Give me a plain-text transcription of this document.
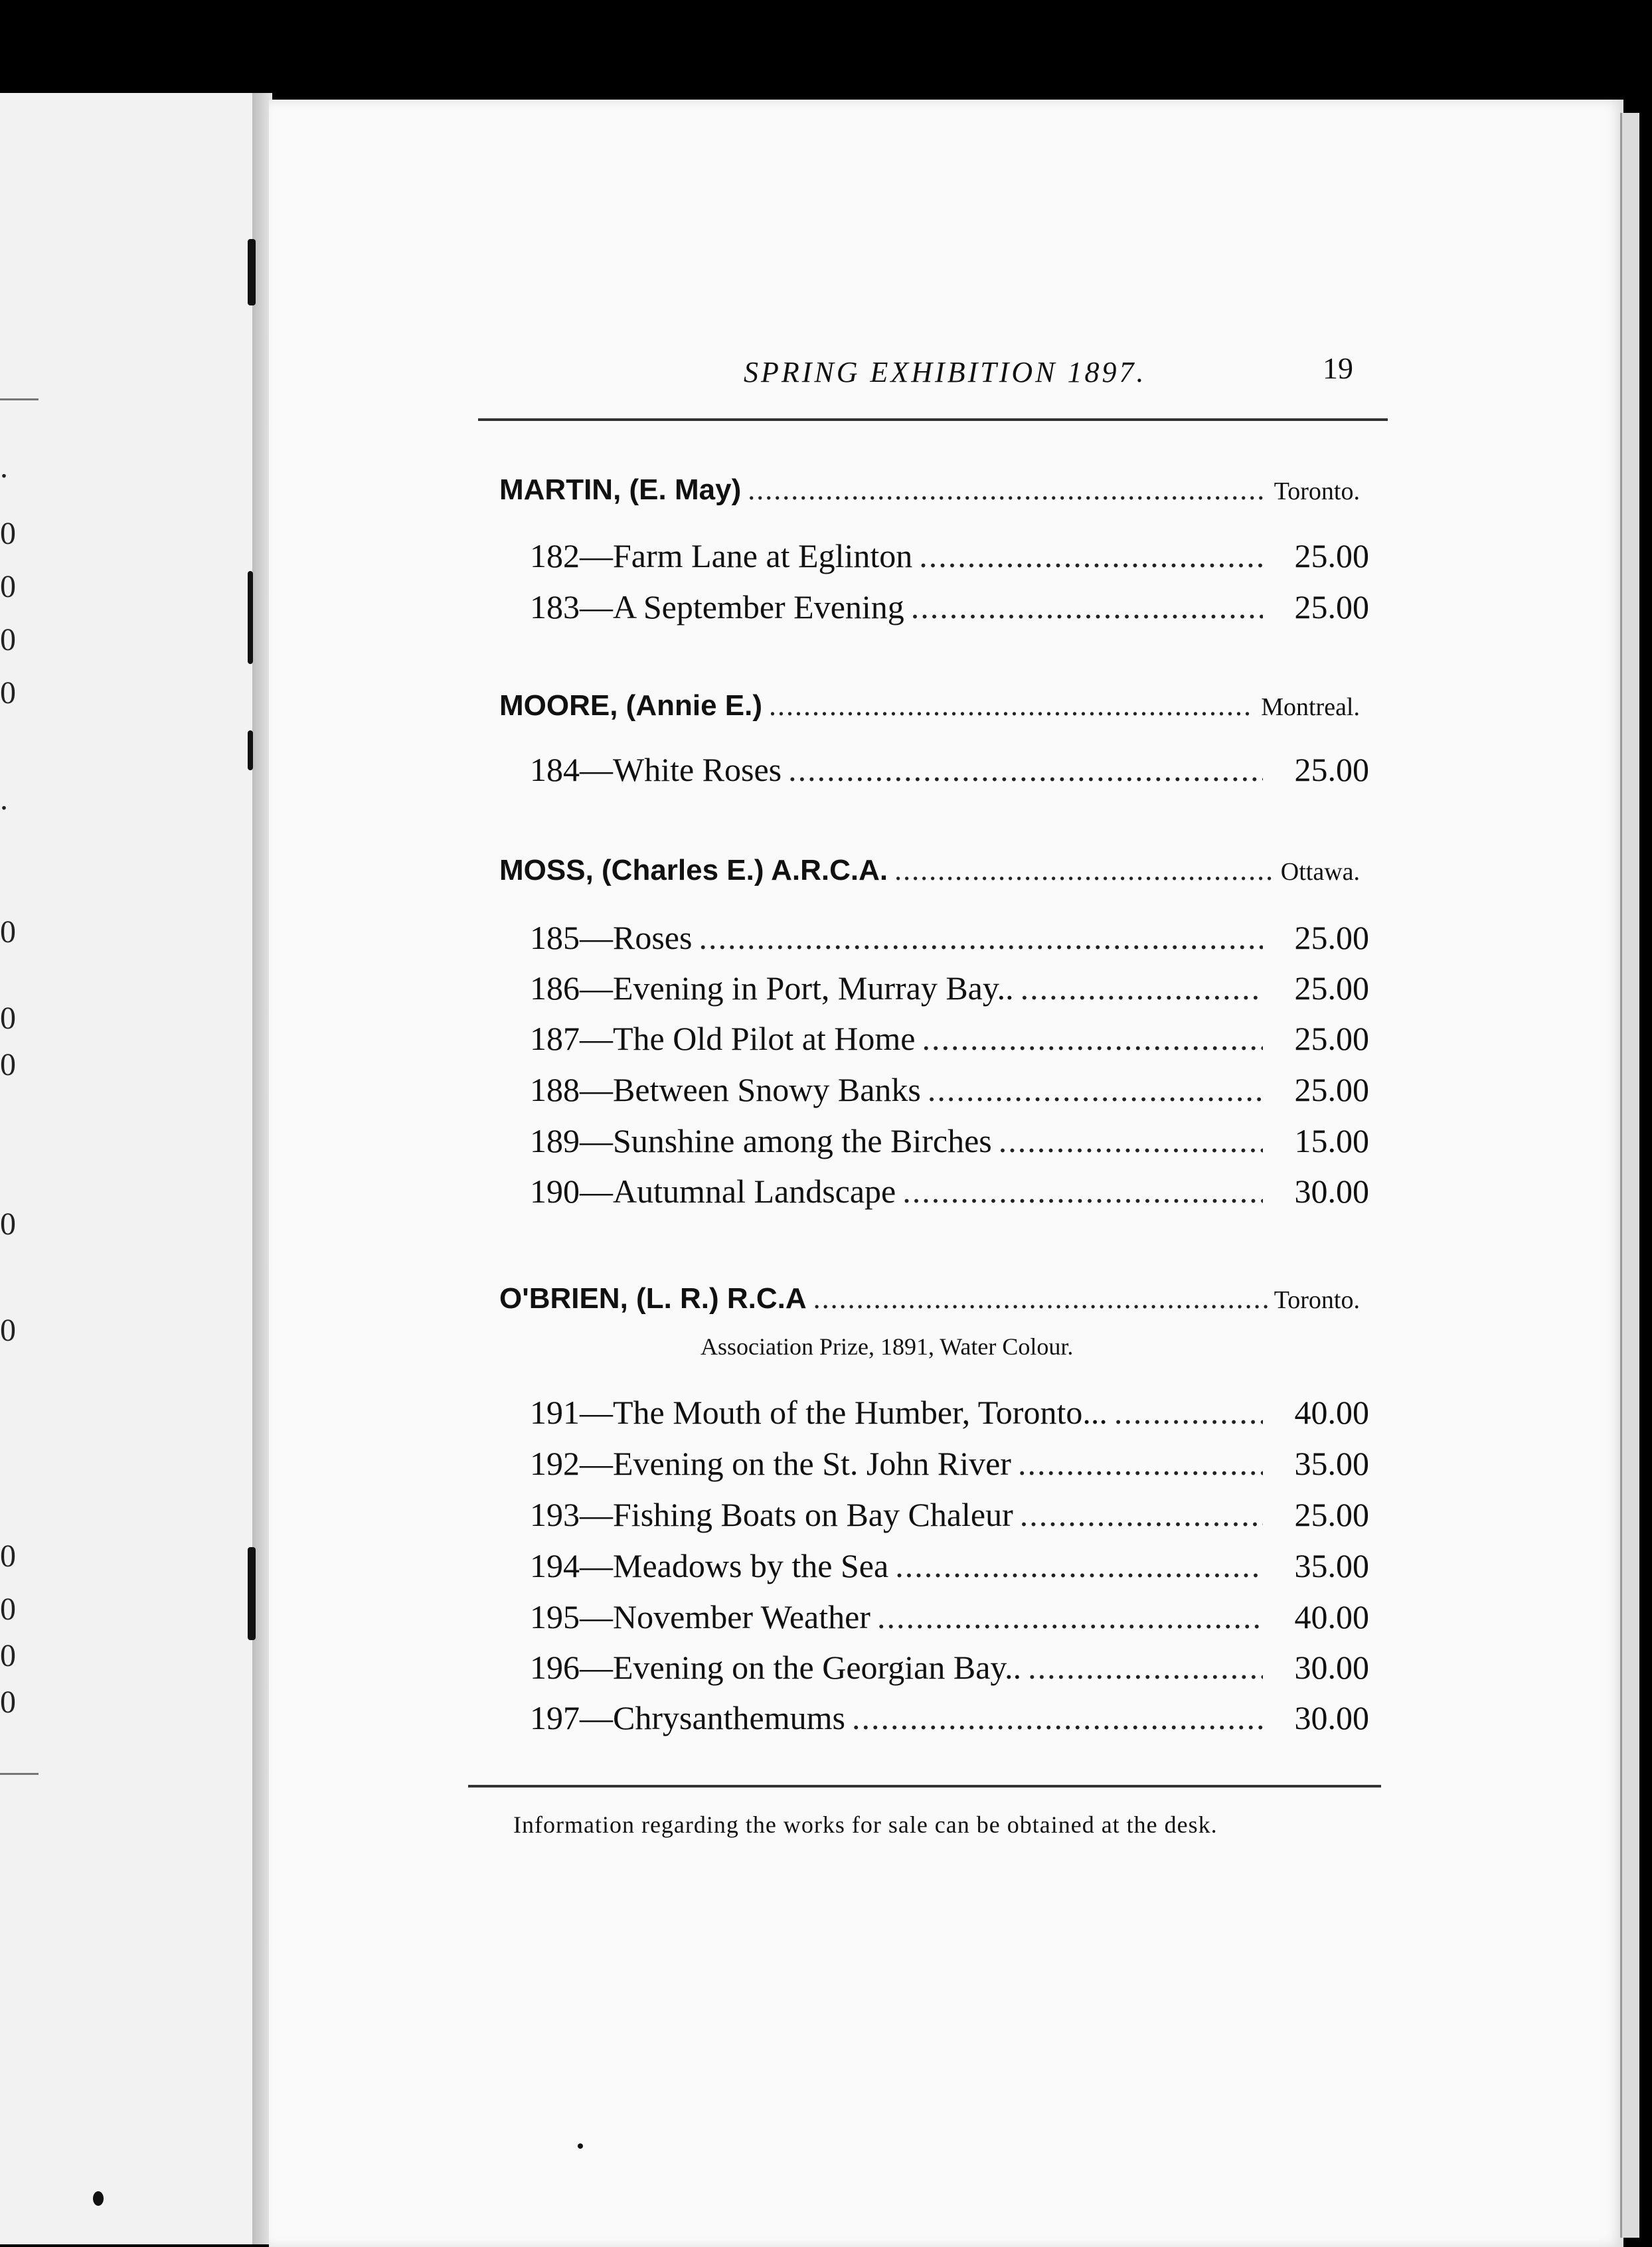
.
0
0
0
0
.
0
0
0
0
0
0
0
0
0
SPRING EXHIBITION 1897.	19
MARTIN, (E. May) .....	Toronto.
182—Farm Lane at Eglinton .....	25.00
183—A September Evening .....	25.00
MOORE, (Annie E.) .....	Montreal.
184—White Roses .....	25.00
MOSS, (Charles E.) A.R.C.A. .....	Ottawa.
185—Roses .....	25.00
186—Evening in Port, Murray Bay.. .....	25.00
187—The Old Pilot at Home .....	25.00
188—Between Snowy Banks .....	25.00
189—Sunshine among the Birches .....	15.00
190—Autumnal Landscape .....	30.00
O'BRIEN, (L. R.) R.C.A .....	Toronto.
Association Prize, 1891, Water Colour.
191—The Mouth of the Humber, Toronto... .....	40.00
192—Evening on the St. John River .....	35.00
193—Fishing Boats on Bay Chaleur .....	25.00
194—Meadows by the Sea .....	35.00
195—November Weather .....	40.00
196—Evening on the Georgian Bay.. .....	30.00
197—Chrysanthemums .....	30.00
Information regarding the works for sale can be obtained at the desk.
